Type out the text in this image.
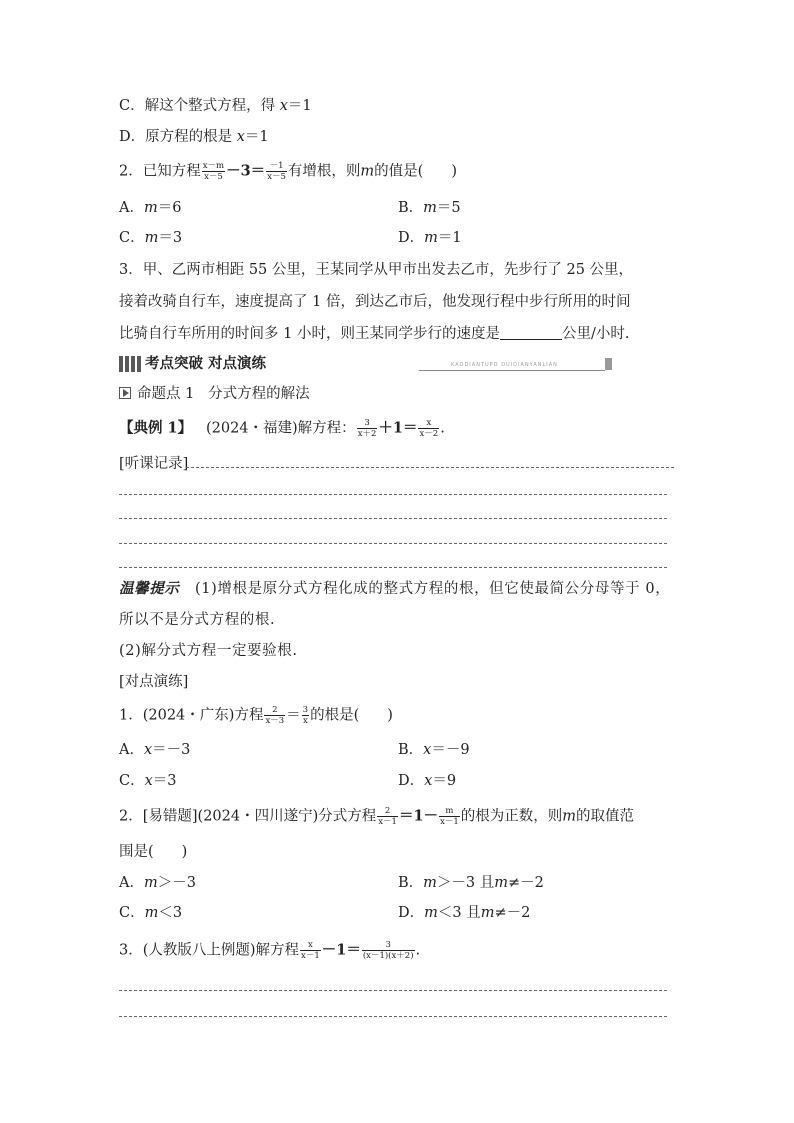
C．解这个整式方程，得 x＝1
D．原方程的根是 x＝1
2．已知方程 $\frac{x-m}{x-5} -3= \frac{-1}{x-5}$ 有增根，则m的值是( )
A．m＝6	B．m＝5
C．m＝3	D．m＝1
3．甲、乙两市相距 55 公里，王某同学从甲市出发去乙市，先步行了 25 公里，
接着改骑自行车，速度提高了 1 倍，到达乙市后，他发现行程中步行所用的时间
比骑自行车所用的时间多 1 小时，则王某同学步行的速度是	公里/小时.
考点突破 对点演练	KAODIANTUPO DUIDIANYANLIAN
命题点 1 分式方程的解法
【典例 1】 (2024・福建)解方程： $\frac{3}{x+2} +1= \frac{x}{x-2}$ .
[听课记录]
温馨提示 (1)增根是原分式方程化成的整式方程的根，但它使最简公分母等于 0，
所以不是分式方程的根.
(2)解分式方程一定要验根.
[对点演练]
1．(2024・广东)方程 $\frac{2}{x-3} = \frac{3}{x}$ 的根是( )
A．x＝－3	B．x＝－9
C．x＝3	D．x＝9
2．[易错题](2024・四川遂宁)分式方程 $\frac{2}{x-1} =1- \frac{m}{x-1}$ 的根为正数，则m的取值范
围是( )
A．m＞－3	B．m＞－3 且m≠－2
C．m＜3	D．m＜3 且m≠－2
3．(人教版八上例题)解方程 $\frac{x}{x-1} -1= \frac{3}{(x-1)(x+2)}$ .
